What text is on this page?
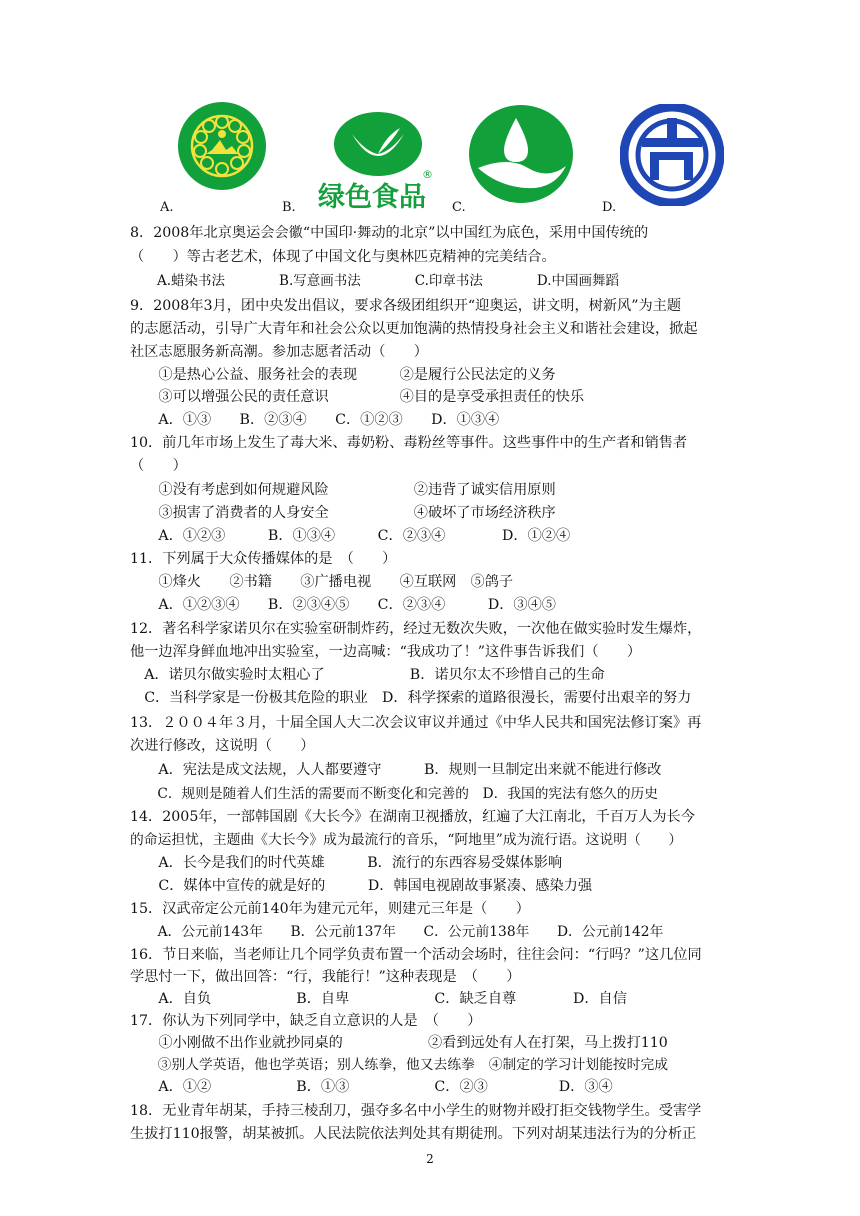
A.
®
绿色食品
B.	C.	D.
8．2008年北京奥运会会徽“中国印·舞动的北京”以中国红为底色，采用中国传统的
（　　）等古老艺术，体现了中国文化与奥林匹克精神的完美结合。
　　A.蜡染书法　　　　B.写意画书法　　　　C.印章书法　　　　D.中国画舞蹈
9．2008年3月，团中央发出倡议，要求各级团组织开“迎奥运，讲文明，树新风”为主题
的志愿活动，引导广大青年和社会公众以更加饱满的热情投身社会主义和谐社会建设，掀起
社区志愿服务新高潮。参加志愿者活动（　　）
　　①是热心公益、服务社会的表现　　　②是履行公民法定的义务
　　③可以增强公民的责任意识　　　　　④目的是享受承担责任的快乐
　　A．①③　　B．②③④　　C．①②③　　D．①③④
10．前几年市场上发生了毒大米、毒奶粉、毒粉丝等事件。这些事件中的生产者和销售者
（　　）
　　①没有考虑到如何规避风险　　　　　　②违背了诚实信用原则
　　③损害了消费者的人身安全　　　　　　④破坏了市场经济秩序
　　A．①②③　　　B．①③④　　　C．②③④　　　　D．①②④
11．下列属于大众传播媒体的是　（　　）
　　①烽火　　②书籍　　③广播电视　　④互联网　⑤鸽子
　　A．①②③④　　B．②③④⑤　　C．②③④　　　D．③④⑤
12．著名科学家诺贝尔在实验室研制炸药，经过无数次失败，一次他在做实验时发生爆炸，
他一边浑身鲜血地冲出实验室，一边高喊：“我成功了！”这件事告诉我们（　　）
　A．诺贝尔做实验时太粗心了　　　　　　B．诺贝尔太不珍惜自己的生命
　C．当科学家是一份极其危险的职业　D．科学探索的道路很漫长，需要付出艰辛的努力
13．２００４年３月，十届全国人大二次会议审议并通过《中华人民共和国宪法修订案》再
次进行修改，这说明（　　）
　　A．宪法是成文法规，人人都要遵守　　　B．规则一旦制定出来就不能进行修改
　　C．规则是随着人们生活的需要而不断变化和完善的　D．我国的宪法有悠久的历史
14．2005年，一部韩国剧《大长今》在湖南卫视播放，红遍了大江南北，千百万人为长今
的命运担忧，主题曲《大长今》成为最流行的音乐，“阿地里”成为流行语。这说明（　　）
　　A．长今是我们的时代英雄　　　B．流行的东西容易受媒体影响
　　C．媒体中宣传的就是好的　　　D．韩国电视剧故事紧凑、感染力强
15．汉武帝定公元前140年为建元元年，则建元三年是（　　）
　　A．公元前143年　　B．公元前137年　　C．公元前138年　　D．公元前142年
16．节日来临，当老师让几个同学负责布置一个活动会场时，往往会问：“行吗？”这几位同
学思忖一下，做出回答：“行，我能行！”这种表现是　（　　）
　　A．自负　　　　　　B．自卑　　　　　　C．缺乏自尊　　　　D．自信
17．你认为下列同学中，缺乏自立意识的人是　（　　）
　　①小刚做不出作业就抄同桌的　　　　　　②看到远处有人在打架，马上拨打110
　　③别人学英语，他也学英语；别人练拳，他又去练拳　④制定的学习计划能按时完成
　　A．①②　　　　　　B．①③　　　　　　C．②③　　　　　D．③④
18．无业青年胡某，手持三棱刮刀，强夺多名中小学生的财物并殴打拒交钱物学生。受害学
生拔打110报警，胡某被抓。人民法院依法判处其有期徒刑。下列对胡某违法行为的分析正
2
